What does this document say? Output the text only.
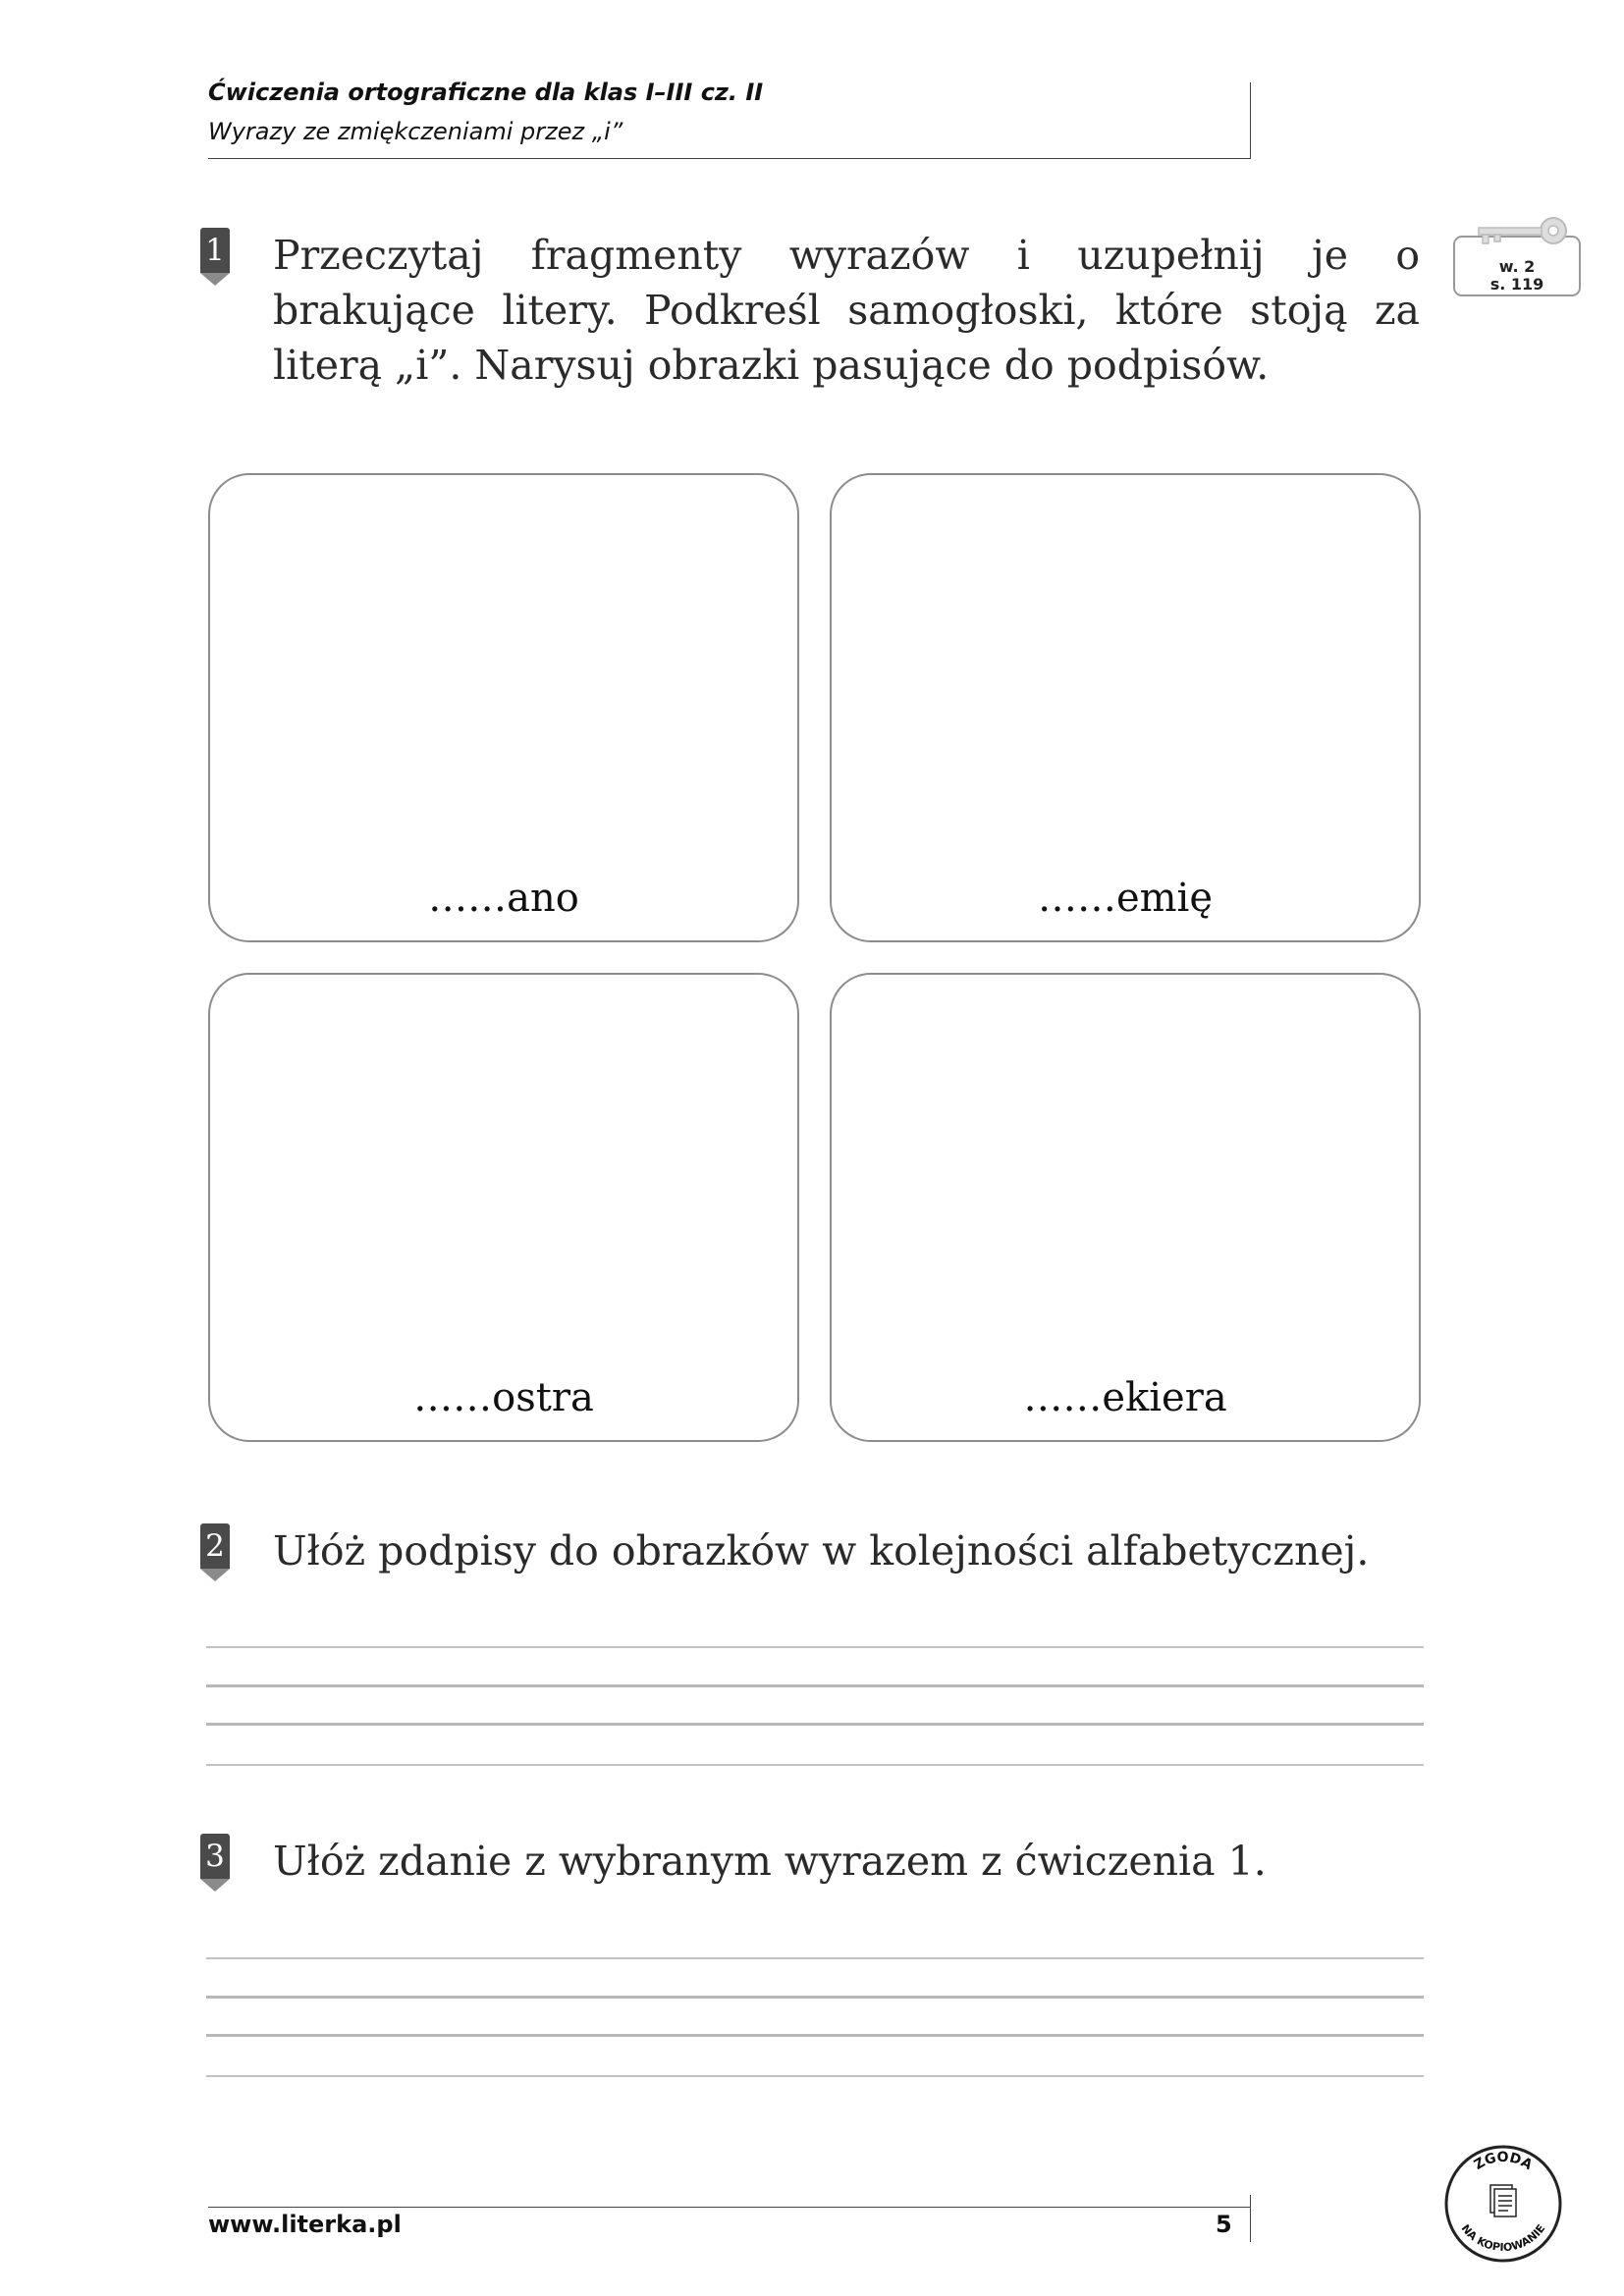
Ćwiczenia ortograficzne dla klas I–III cz. II
Wyrazy ze zmiękczeniami przez „i”
1 Przeczytaj fragmenty wyrazów i uzupełnij je o brakujące litery. Podkreśl samogłoski, które stoją za literą „i”. Narysuj obrazki pasujące do podpisów.
w. 2
s. 119
……ano	……emię
……ostra	……ekiera
2 Ułóż podpisy do obrazków w kolejności alfabetycznej.
3 Ułóż zdanie z wybranym wyrazem z ćwiczenia 1.
www.literka.pl	5
ZGODA
NA KOPIOWANIE
